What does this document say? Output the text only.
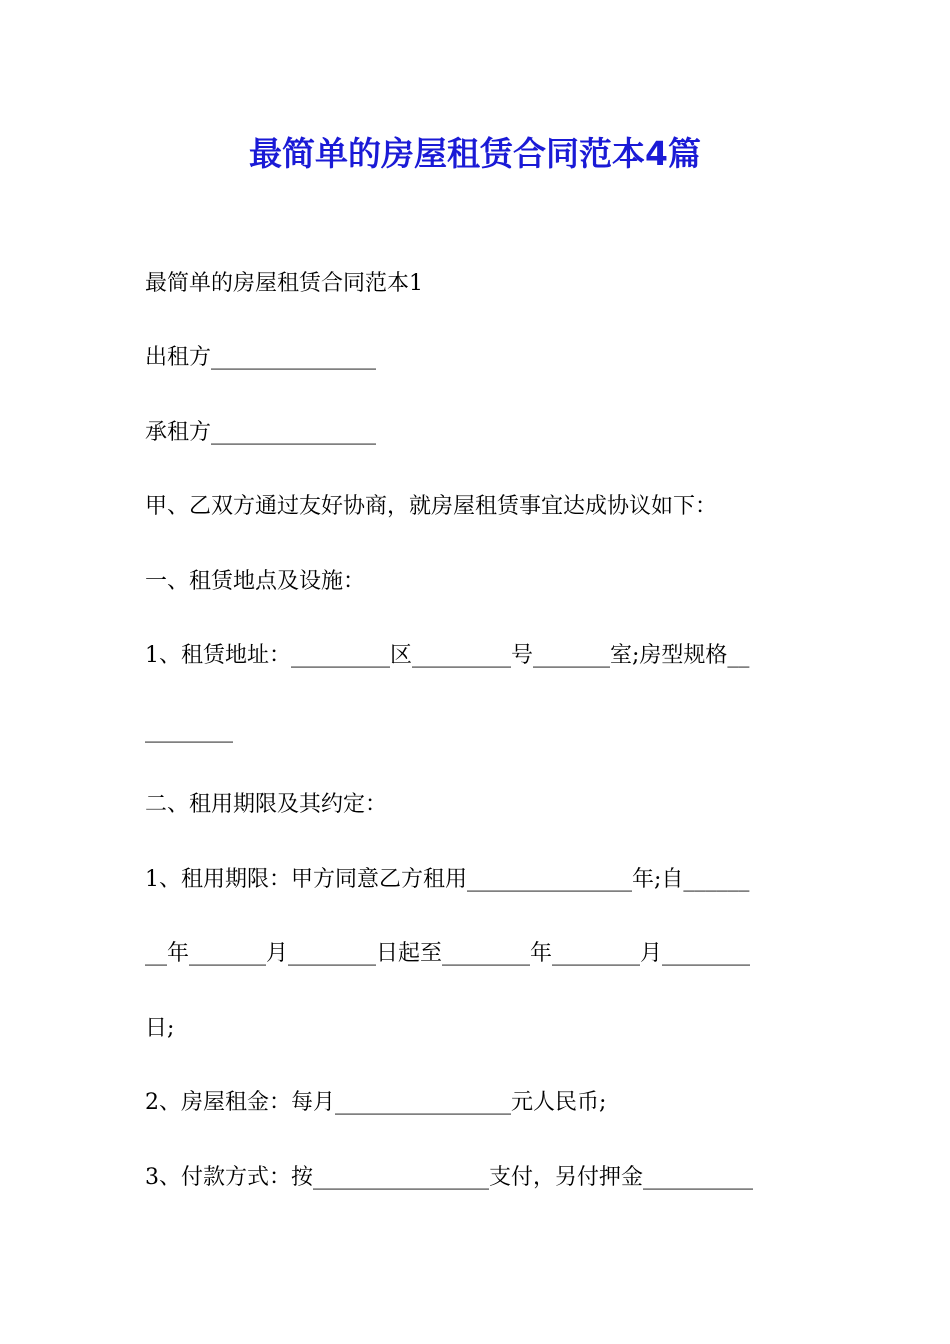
最简单的房屋租赁合同范本4篇

最简单的房屋租赁合同范本1

出租方_______________

承租方_______________

甲、乙双方通过友好协商，就房屋租赁事宜达成协议如下：

一、租赁地点及设施：

1、租赁地址：_________区_________号_______室;房型规格__

________

二、租用期限及其约定：

1、租用期限：甲方同意乙方租用_______________年;自______

__年_______月________日起至________年________月________

日;

2、房屋租金：每月________________元人民币;

3、付款方式：按________________支付，另付押金__________
